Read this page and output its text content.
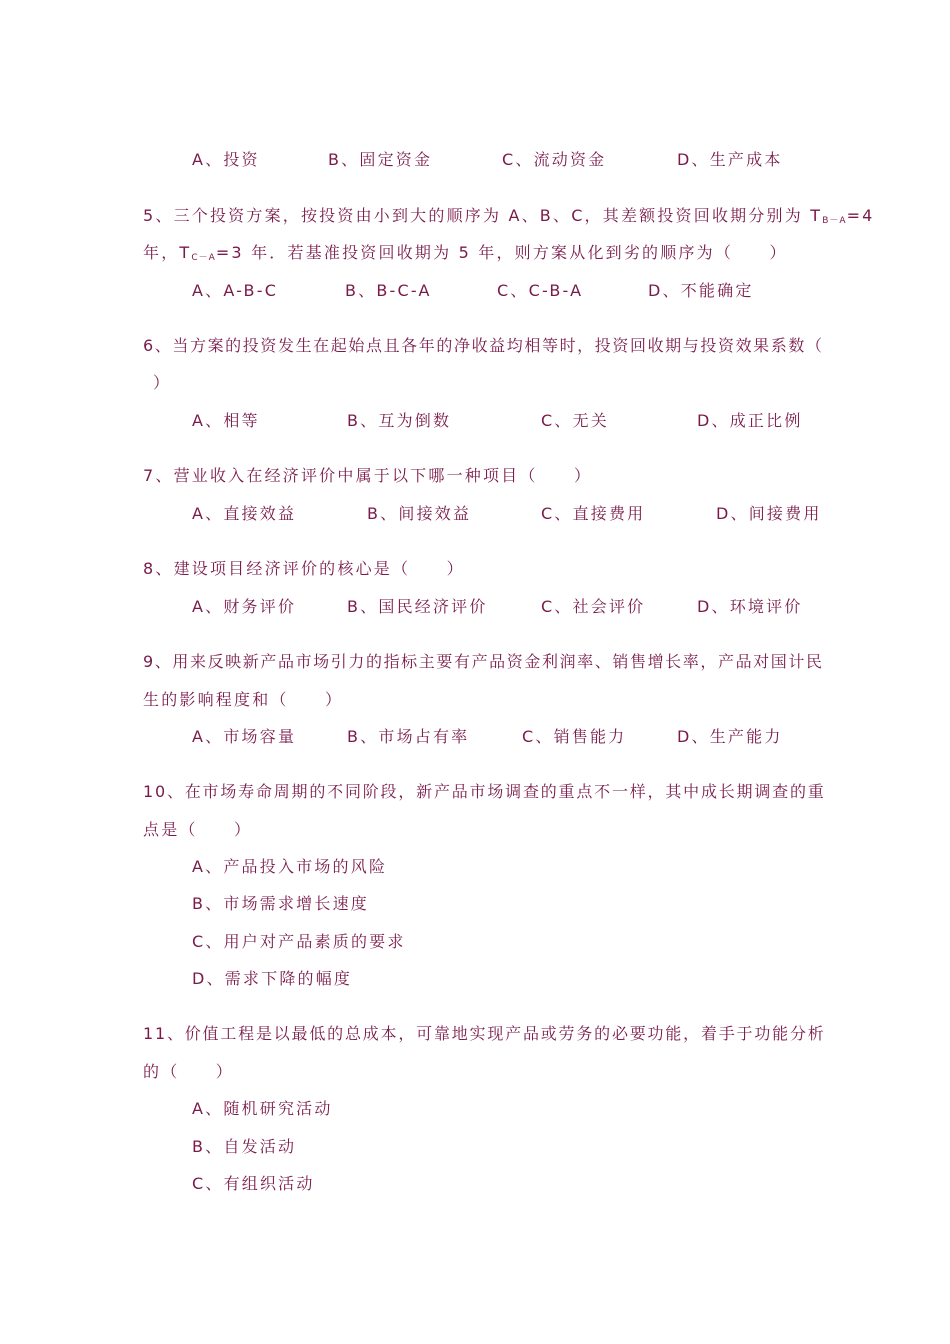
A、投资	B、固定资金	C、流动资金	D、生产成本
5、三个投资方案，按投资由小到大的顺序为 A、B、C，其差额投资回收期分别为 $T_{B-A}=4$
年，$T_{C-A}=3$ 年．若基准投资回收期为 5 年，则方案从化到劣的顺序为（　　）
A、A-B-C	B、B-C-A	C、C-B-A	D、不能确定
6、当方案的投资发生在起始点且各年的净收益均相等时，投资回收期与投资效果系数（
）
A、相等	B、互为倒数	C、无关	D、成正比例
7、营业收入在经济评价中属于以下哪一种项目（　　）
A、直接效益	B、间接效益	C、直接费用	D、间接费用
8、建设项目经济评价的核心是（　　）
A、财务评价	B、国民经济评价	C、社会评价	D、环境评价
9、用来反映新产品市场引力的指标主要有产品资金利润率、销售增长率，产品对国计民
生的影响程度和（　　）
A、市场容量	B、市场占有率	C、销售能力	D、生产能力
10、在市场寿命周期的不同阶段，新产品市场调查的重点不一样，其中成长期调查的重
点是（　　）
A、产品投入市场的风险
B、市场需求增长速度
C、用户对产品素质的要求
D、需求下降的幅度
11、价值工程是以最低的总成本，可靠地实现产品或劳务的必要功能，着手于功能分析
的（　　）
A、随机研究活动
B、自发活动
C、有组织活动
